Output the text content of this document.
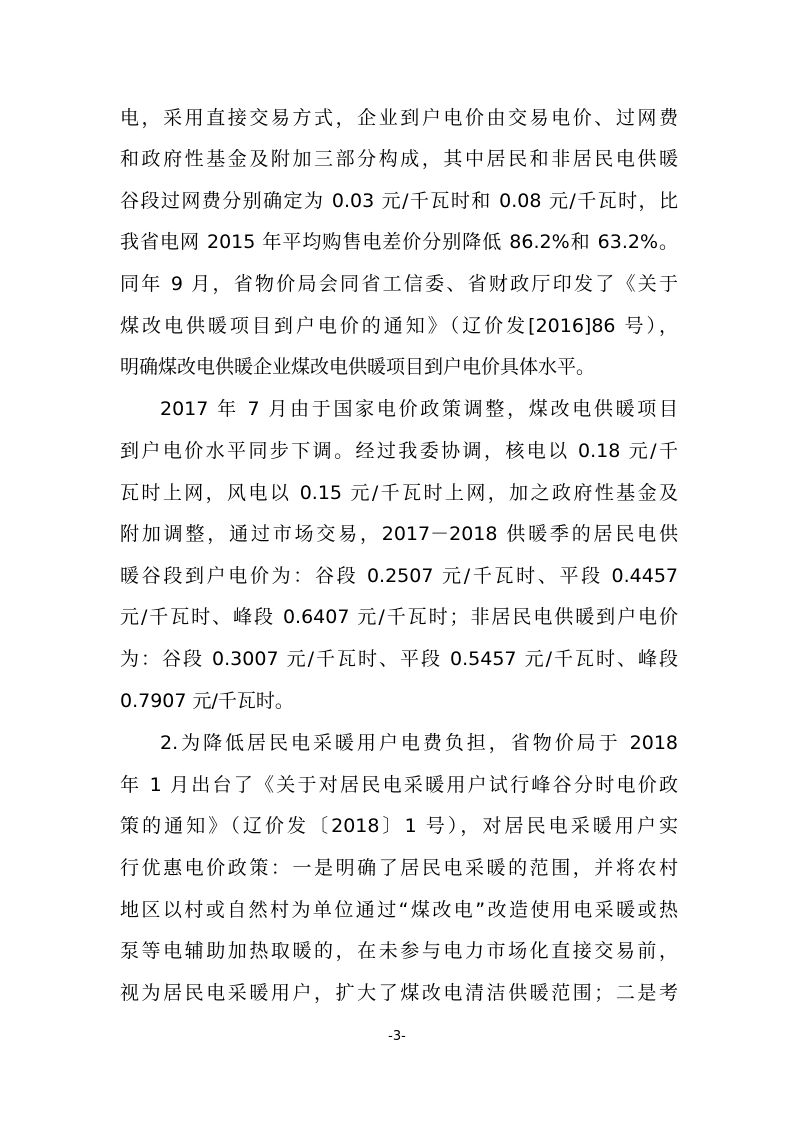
电，采用直接交易方式，企业到户电价由交易电价、过网费
和政府性基金及附加三部分构成，其中居民和非居民电供暖
谷段过网费分别确定为 0.03 元/千瓦时和 0.08 元/千瓦时，比
我省电网 2015 年平均购售电差价分别降低 86.2%和 63.2%。
同年 9 月，省物价局会同省工信委、省财政厅印发了《关于
煤改电供暖项目到户电价的通知》（辽价发[2016]86 号），
明确煤改电供暖企业煤改电供暖项目到户电价具体水平。
2017 年 7 月由于国家电价政策调整，煤改电供暖项目
到户电价水平同步下调。经过我委协调，核电以 0.18 元/千
瓦时上网，风电以 0.15 元/千瓦时上网，加之政府性基金及
附加调整，通过市场交易，2017－2018 供暖季的居民电供
暖谷段到户电价为：谷段 0.2507 元/千瓦时、平段 0.4457
元/千瓦时、峰段 0.6407 元/千瓦时；非居民电供暖到户电价
为：谷段 0.3007 元/千瓦时、平段 0.5457 元/千瓦时、峰段
0.7907 元/千瓦时。
2.为降低居民电采暖用户电费负担，省物价局于 2018
年 1 月出台了《关于对居民电采暖用户试行峰谷分时电价政
策的通知》（辽价发〔2018〕1 号），对居民电采暖用户实
行优惠电价政策：一是明确了居民电采暖的范围，并将农村
地区以村或自然村为单位通过“煤改电”改造使用电采暖或热
泵等电辅助加热取暖的，在未参与电力市场化直接交易前，
视为居民电采暖用户，扩大了煤改电清洁供暖范围；二是考
-3-
